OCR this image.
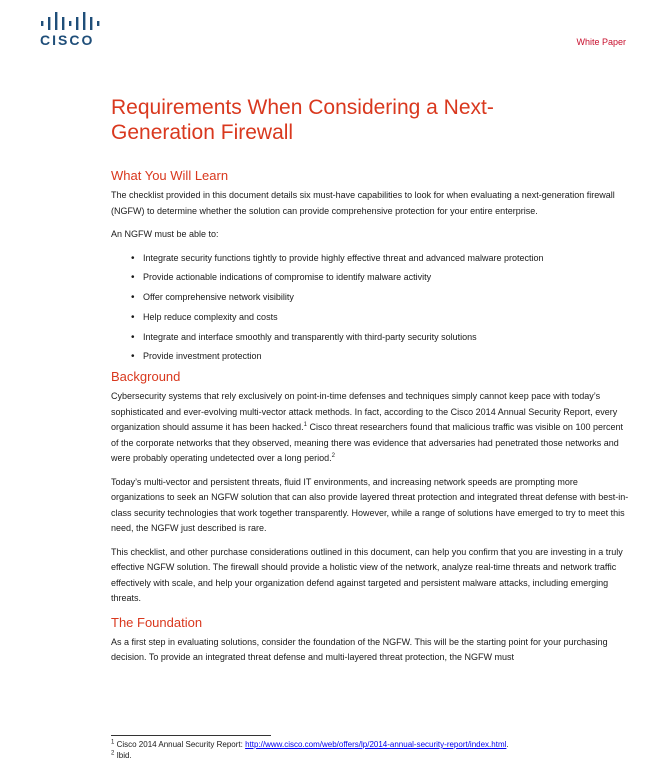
CISCO	White Paper
Requirements When Considering a Next-Generation Firewall
What You Will Learn

The checklist provided in this document details six must-have capabilities to look for when evaluating a next-generation firewall (NGFW) to determine whether the solution can provide comprehensive protection for your entire enterprise.

An NGFW must be able to:

• Integrate security functions tightly to provide highly effective threat and advanced malware protection
• Provide actionable indications of compromise to identify malware activity
• Offer comprehensive network visibility
• Help reduce complexity and costs
• Integrate and interface smoothly and transparently with third-party security solutions
• Provide investment protection
Background

Cybersecurity systems that rely exclusively on point-in-time defenses and techniques simply cannot keep pace with today’s sophisticated and ever-evolving multi-vector attack methods. In fact, according to the Cisco 2014 Annual Security Report, every organization should assume it has been hacked.$^1$ Cisco threat researchers found that malicious traffic was visible on 100 percent of the corporate networks that they observed, meaning there was evidence that adversaries had penetrated those networks and were probably operating undetected over a long period.$^2$

Today’s multi-vector and persistent threats, fluid IT environments, and increasing network speeds are prompting more organizations to seek an NGFW solution that can also provide layered threat protection and integrated threat defense with best-in-class security technologies that work together transparently. However, while a range of solutions have emerged to try to meet this need, the NGFW just described is rare.

This checklist, and other purchase considerations outlined in this document, can help you confirm that you are investing in a truly effective NGFW solution. The firewall should provide a holistic view of the network, analyze real-time threats and network traffic effectively with scale, and help your organization defend against targeted and persistent malware attacks, including emerging threats.

The Foundation

As a first step in evaluating solutions, consider the foundation of the NGFW. This will be the starting point for your purchasing decision. To provide an integrated threat defense and multi-layered threat protection, the NGFW must

$^1$ Cisco 2014 Annual Security Report: http://www.cisco.com/web/offers/lp/2014-annual-security-report/index.html.
$^2$ Ibid.
